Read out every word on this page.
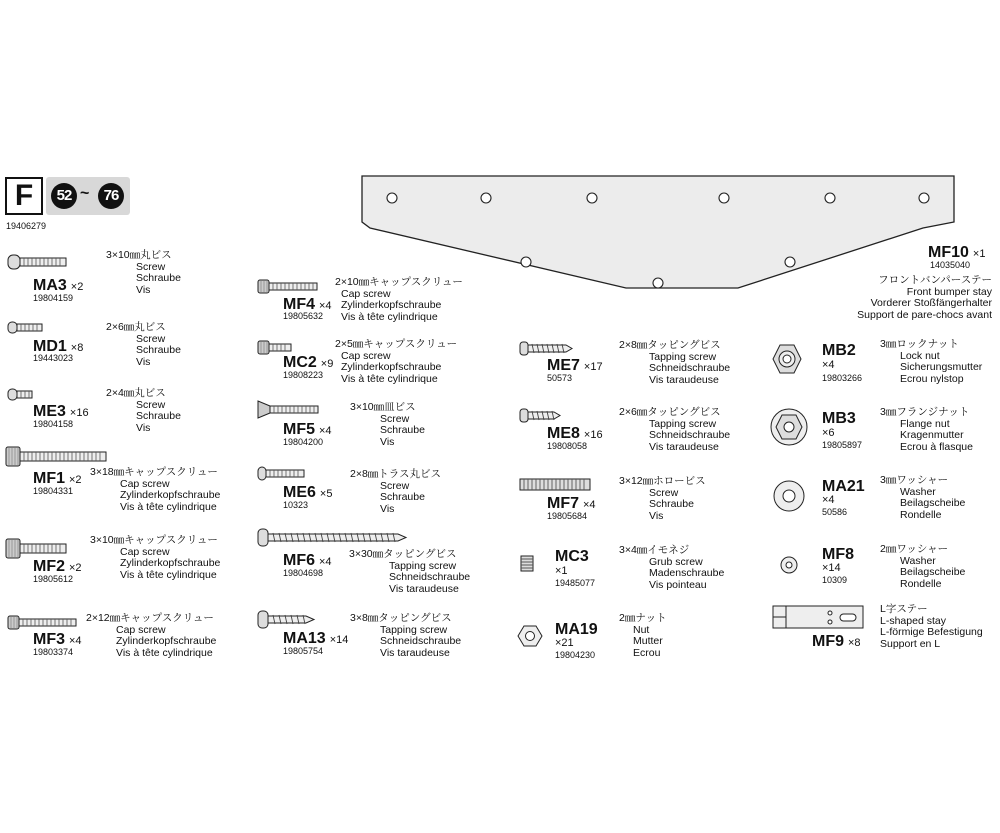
F	52 ~ 76
19406279
MF10 ×1
14035040
フロントバンパーステー
Front bumper stay
Vorderer Stoßfängerhalter
Support de pare-chocs avant
MA3 ×2
19804159
3×10㎜丸ビス
Screw
Schraube
Vis
MD1 ×8
19443023
2×6㎜丸ビス
Screw
Schraube
Vis
ME3 ×16
19804158
2×4㎜丸ビス
Screw
Schraube
Vis
MF1 ×2
19804331
3×18㎜キャップスクリュー
Cap screw
Zylinderkopfschraube
Vis à tête cylindrique
MF2 ×2
19805612
3×10㎜キャップスクリュー
Cap screw
Zylinderkopfschraube
Vis à tête cylindrique
MF3 ×4
19803374
2×12㎜キャップスクリュー
Cap screw
Zylinderkopfschraube
Vis à tête cylindrique
MF4 ×4
19805632
2×10㎜キャップスクリュー
Cap screw
Zylinderkopfschraube
Vis à tête cylindrique
MC2 ×9
19808223
2×5㎜キャップスクリュー
Cap screw
Zylinderkopfschraube
Vis à tête cylindrique
MF5 ×4
19804200
3×10㎜皿ビス
Screw
Schraube
Vis
ME6 ×5
10323
2×8㎜トラス丸ビス
Screw
Schraube
Vis
MF6 ×4
19804698
3×30㎜タッピングビス
Tapping screw
Schneidschraube
Vis taraudeuse
MA13 ×14
19805754
3×8㎜タッピングビス
Tapping screw
Schneidschraube
Vis taraudeuse
ME7 ×17
50573
2×8㎜タッピングビス
Tapping screw
Schneidschraube
Vis taraudeuse
ME8 ×16
19808058
2×6㎜タッピングビス
Tapping screw
Schneidschraube
Vis taraudeuse
MF7 ×4
19805684
3×12㎜ホロービス
Screw
Schraube
Vis
MC3
×1
19485077
3×4㎜イモネジ
Grub screw
Madenschraube
Vis pointeau
MA19
×21
19804230
2㎜ナット
Nut
Mutter
Ecrou
MB2
×4
19803266
3㎜ロックナット
Lock nut
Sicherungsmutter
Ecrou nylstop
MB3
×6
19805897
3㎜フランジナット
Flange nut
Kragenmutter
Ecrou à flasque
MA21
×4
50586
3㎜ワッシャー
Washer
Beilagscheibe
Rondelle
MF8
×14
10309
2㎜ワッシャー
Washer
Beilagscheibe
Rondelle
MF9 ×8
L字ステー
L-shaped stay
L-förmige Befestigung
Support en L
